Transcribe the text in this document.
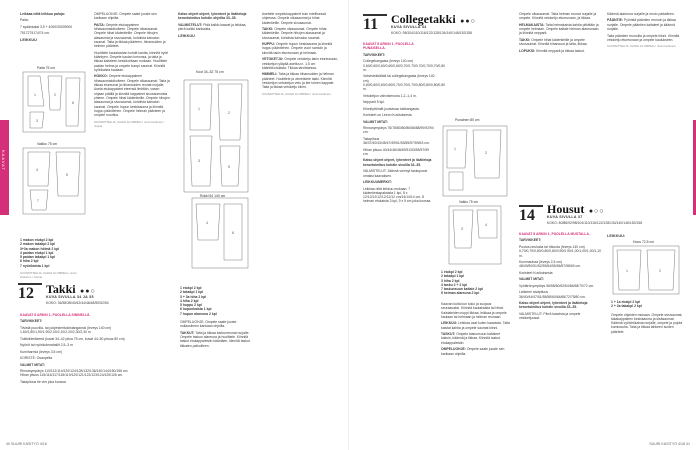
KAAVAT

Leikkaa niitä leikkuu paloja:

Paita:

7 sydänkalat 3,5 + 4000/30009000

7517275174/74 cm.

LEIKKUU
Paita 75 cm
1	2
6
3
4
5
7
Vaikko 75 cm
1 makon etukpl 2 kpl
2 makon takakpl 2 kpl
3+3a makon hölmä 2 kpl
4 paidan etukpl 1 kpl
5 paidan takakpl 1 kpl
6 hiha 2 kpl
7 nyörikaista 1 kpl
SUUNNITTELIJA, KAAVA JA OMPELU: Jenni Huttunen / Jopina
12	Takki ●●○

KUVA SIVULLA 34 JA 35

KOKO: 36/38/38/40/42/44/46/48/50/52/54

KAAVAT 8 ARKIN 1, PUOLELLA SININELLÄ.

TARVIKKEET:

Tiivistä puuvilla- tai polyesterikokistanganssi (leveys 140 cm) 1,60/1,80/1,90/1,90/2,00/2,10/2,20/2,30/2,30 m

Tukikiinteikkeeä (kuvat 34–42 pitoa 75 cm, kuvat 44–50 pituus 80 cm)

Nyöröt tai nyörikokmahallit 2,5–3 m

Kumiharmia (leveys 3,5 cm)

KORISTE: Osaopeita

VALMIIT MITAT:

Rinnanympärys 110/112/114/120/124/128/132/136/140/144/150/156 cm. Hihan pituus 115/116/117/118/119/120/121/122/123/124/125/126 cm.

Takapituus tie vim joka koossa

OMPELUOHJE: Ompele saate juoste sen karikaan ohjeilla.

PAITA: Ompele etukappaleen hihasaumatolkoiteen. Ompele olkasaumat. Ompele hihat kädentieille. Ompele hihojen alasaumat ja sivusaumat, kohdista kainalon saumat. Taita ja tikkaa päärteen, hihansuiden ja helmen päärteet.

Huolittele kaulalaahan kohdit kantta, kiinnitä nyöri kääntyen. Ompele kaulan lomonsa, ja taita ja tikkaa kaitaleen keskikohtaan mukaan. Huolittele paidan helma ja ompele kumpi saumat. Kiinnitä nyörikaista kaulaan.

HOKKO: Ompele etukappaleen hihasaumatolkoiteen. Ompele olkasaumat. Taita ja tikkaa etureunat ja hihansuiden reunat nurjalle. Aseta etukappaleet eteensä limittäin, vasen ohjaan päällä ja kiinnitä kappaleet sivusaumoista yhteen. Ompele hihat kädentieille. Ompele hihojen alasaumat ja sivusaumat, kohdista kainalon saumat. Ompele hupun keskisauma ja kiinnitä huppu pääntiehen. Ompele helman päärteen ja ompele nuoritus.

SUUNNITTELIJA, KAAVA JA OMPELU: Jenni Huttunen / Jopina

Katso ohjeet ohjeet, lyhenteet ja lisätietoja keruetoimitus kohdin ohjeilta 33–35.

VALMISTELUT: Pidä kaikki kaavat ja leikkaa, piirrä kaikki kankaista.

LEIKKUU
Koot 34–52 75 cm
1
2
3
5
4
6
Rokki 54 140 cm
1 etukpl 2 kpl
2 takakpl 1 kpl
3 + 3a hiha 2 kpl
4 hiha 2 kpl
5 huppu 2 kpl
6 hupunkaista 1 kpl
7 hupun alareuna 2 kpl

OMPELUOHJE: Ompele saate juoste nollausilmen kankaan ohjeilla.

TAKKUT: Taita ja tikkaa karkunreunat nurjalle. Ompele taskun alareuna ja huolittele. Kiinnitä taskut etukappaleisiin kääntäen, kiinnitä taskut tikkaten paikoilleen.

Asettele ompelukappaleet kuin edellisessä ohjeessa. Ompele olkasaumat ja hihat kädentieille. Ompele sivusaumat.

TAKKI: Ompele olkasaumat. Ompele hihat kädentieille. Ompele hihojen alasaumat ja sivusaumat, kohdista kainalon saumat.

HUPPU: Ompele hupun keskisauma ja kiinnitä huppu pääntiehen. Ompele vuori samoin ja kiinnitä takin etureunaan ja helmaan.

VETOKETJU: Ompele vetoketju takin etureunaan, vetoketjun yläpää asettuu n. 1,5 cm kääntökohdasta. Tikkaa tarvittaessa.

HIMMELI: Taita ja tikkaa hihansuiden ja helman päärteet. Huolittele ja viimeistele takki. Kiinnitä vetoketjun vetoketjun veto ja tee toinen kappale. Taita ja tikkaa vetoketju kiinni.

SUUNNITTELIJA, KAAVA JA OMPELU: Jenni Huttunen

40 SUURI KÄSITYÖ 4/18
11	Collegetakki ●●○

KUVA SIVULLA 34

KOKO: 98/104/110/116/122/128/134/140/146/152/158

KAAVAT 8 ARKIN 1, PUOLELLA PUNAISELLA.

TARVIKKEET:

Collegekangasta (leveys 140 cm) 0,60/0,60/0,60/0,60/0,60/0,70/0,70/0,70/0,70/0,70/0,80 m.

Vahvistekkäistä tai collegekangasta (leveys 140 cm) 0,60/0,60/0,60/0,60/0,70/0,70/0,70/0,80/0,80/0,80/0,80 m.

Vetoketjun vahvistenuha 1,2–1,4 m.

Nepparit 5 kpl.

Kiinnityttömät joustavaa tukikangasta.

Koristeet on Leeon Kuvituksesta

VALMIIT MITAT:

Rinnanympärys 76/78/80/80/86/86/88/90/92/94 cm.

Takapituus 36/37/40/43/45/47/49/51/53/55/57/59/63 cm.

Hihan pituus 40/44/46/48/49/51/53/55/57/59 cm.

Katso ohjeet ohjeet, lyhenteet ja lisätietoja keruetoimitus kohdin sivuilla 33–35.

VALMISTELUT: Jäännä vierinyt taskupussi omaksi kaavaksen.

LEIKKUUMERKIT:

Leikkaa niitä leikkuu mukaan: 7 kädentiestapakaista 1 kpl, 8 x 12/12/12/12/12/12/12 cm/14/14/14 cm, 8 helman etukaista 3 kpl, 9 x 9 cm joka koossa.

Punainen 80 cm
1
2
3
4
Valkio 75 cm
1 etukpl 2 kpl
2 takakpl 1 kpl
3 hiha 2 kpl
4 tasku 2 + 2 kpl
7 taskunsuun kaitale 2 kpl
9 helman alareuna 2 kpl

Kaavan kulta kun koko ja suojaus seuraavaksi. Kiinnitä kaulakaista tai hihat. Kaistaleiden nuppi tikkaa, leikkaa ja ompele kaulaan tai helmaan ja helman reunaan.

LEIKKUU: Leikkaa osat kuten kaavasta. Taita kaistat kahtia ja ompele saumat kiinni.

TASKUT: Ompele taskunsuun kaitaleet kaksin, käännä ja tikkaa. Kiinnitä taskut etukappaleisiin.

OMPELUOHJE: Ompele saate juoste sen karikaan ohjeilla.

Ompele olkasaumat. Taita helman reunat nurjalle ja ompele. Kiinnitä vetoketju etureunaan, ja tikkaa.

HELMAKAISTA: Taita helmakaista kahtia pitkittäin ja ompele helmaan. Ompele kaitale helman alareunaan ja kiinnitä nepparit.

TAKKI: Ompele hihat kädentieille ja ompele sivusaumat. Kiinnitä hihansuut ja taita, tikkaa.

LOPUKSI: Kiinnitä nepparit ja tikkaa taskut.

Käännä alareuna nurjalle ja neulo paikalleen.

PÄÄNTIE: Pyöristä pääntien reunoin ja tikkaa nurjalle. Ompele pääntien kaitaleet ja käännä nurjalle.

Taita pääntien reunoilla ja ompele kiinni. Kiinnitä vetoketju etureunaan ja ompele kaulukseen.

SUUNNITTELIJA, KAAVA JA OMPELU: Jenni Huttunen

14	Housut ●○○

KUVA SIVULLA 37

KOKO: 80/86/92/98/104/110/116/122/128/134/140/146/152/158

KAAVAT 8 ARKIN 1, PUOLELLA MUSTALLA.

TARVIKKEET:

Puolva-neulosta tai trikoota (leveys 140 cm) 0,70/0,70/0,80/0,80/0,80/0,90/0,90/1,00/1,00/1,00/1,10 m.

Kuminauhaa (leveys 2,5 cm) 48/49/50/51/52/53/54/55/56/57/58/60 cm.

Koristeet Kuvituksesta

VALMIIT MITAT:

Vyötärönympärys 56/58/60/62/64/66/68/70/72 cm.

Lahkeen sisäpituus 36/40/44/47/51/55/58/60/64/68/72/75/80 cm.

Katso ohjeet ohjeet, lyhenteet ja lisätietoja keruetoimitus kohdin sivuilla 33–35.

VALMISTELUT: Piirrä kaavista ja ompele vetoketjuosat.

LEIKKUU:
Hous 72,5 cm
1	2
1 + 1a etukpl 2 kpl
2 + 2a takakpl 2 kpl

Ompele ohjeiden mukaan. Ompele sivusaumat, takakappaleen keskisauma ja sisäsaumat. Käännä vyötärökaista nurjalle, ompele ja pujota kuminauha. Taita ja tikkaa lahkeen suiden päärteet.

SUURI KÄSITYÖ 4/18 41
